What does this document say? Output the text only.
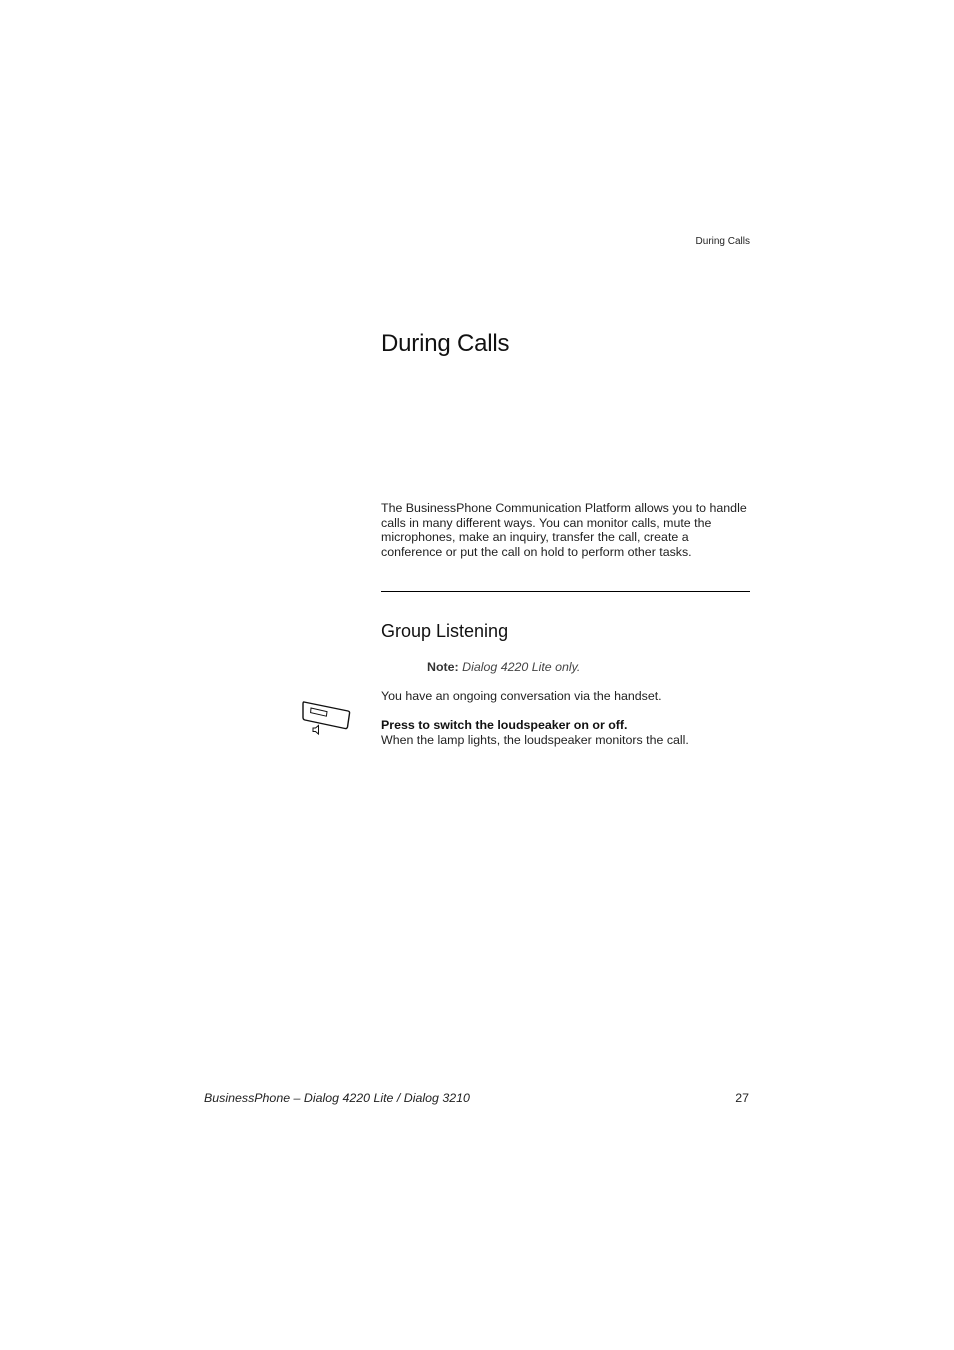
During Calls
During Calls

The BusinessPhone Communication Platform allows you to handle calls in many different ways. You can monitor calls, mute the microphones, make an inquiry, transfer the call, create a conference or put the call on hold to perform other tasks.

Group Listening
Note: Dialog 4220 Lite only.
You have an ongoing conversation via the handset.
Press to switch the loudspeaker on or off.
When the lamp lights, the loudspeaker monitors the call.
BusinessPhone – Dialog 4220 Lite / Dialog 3210	27
